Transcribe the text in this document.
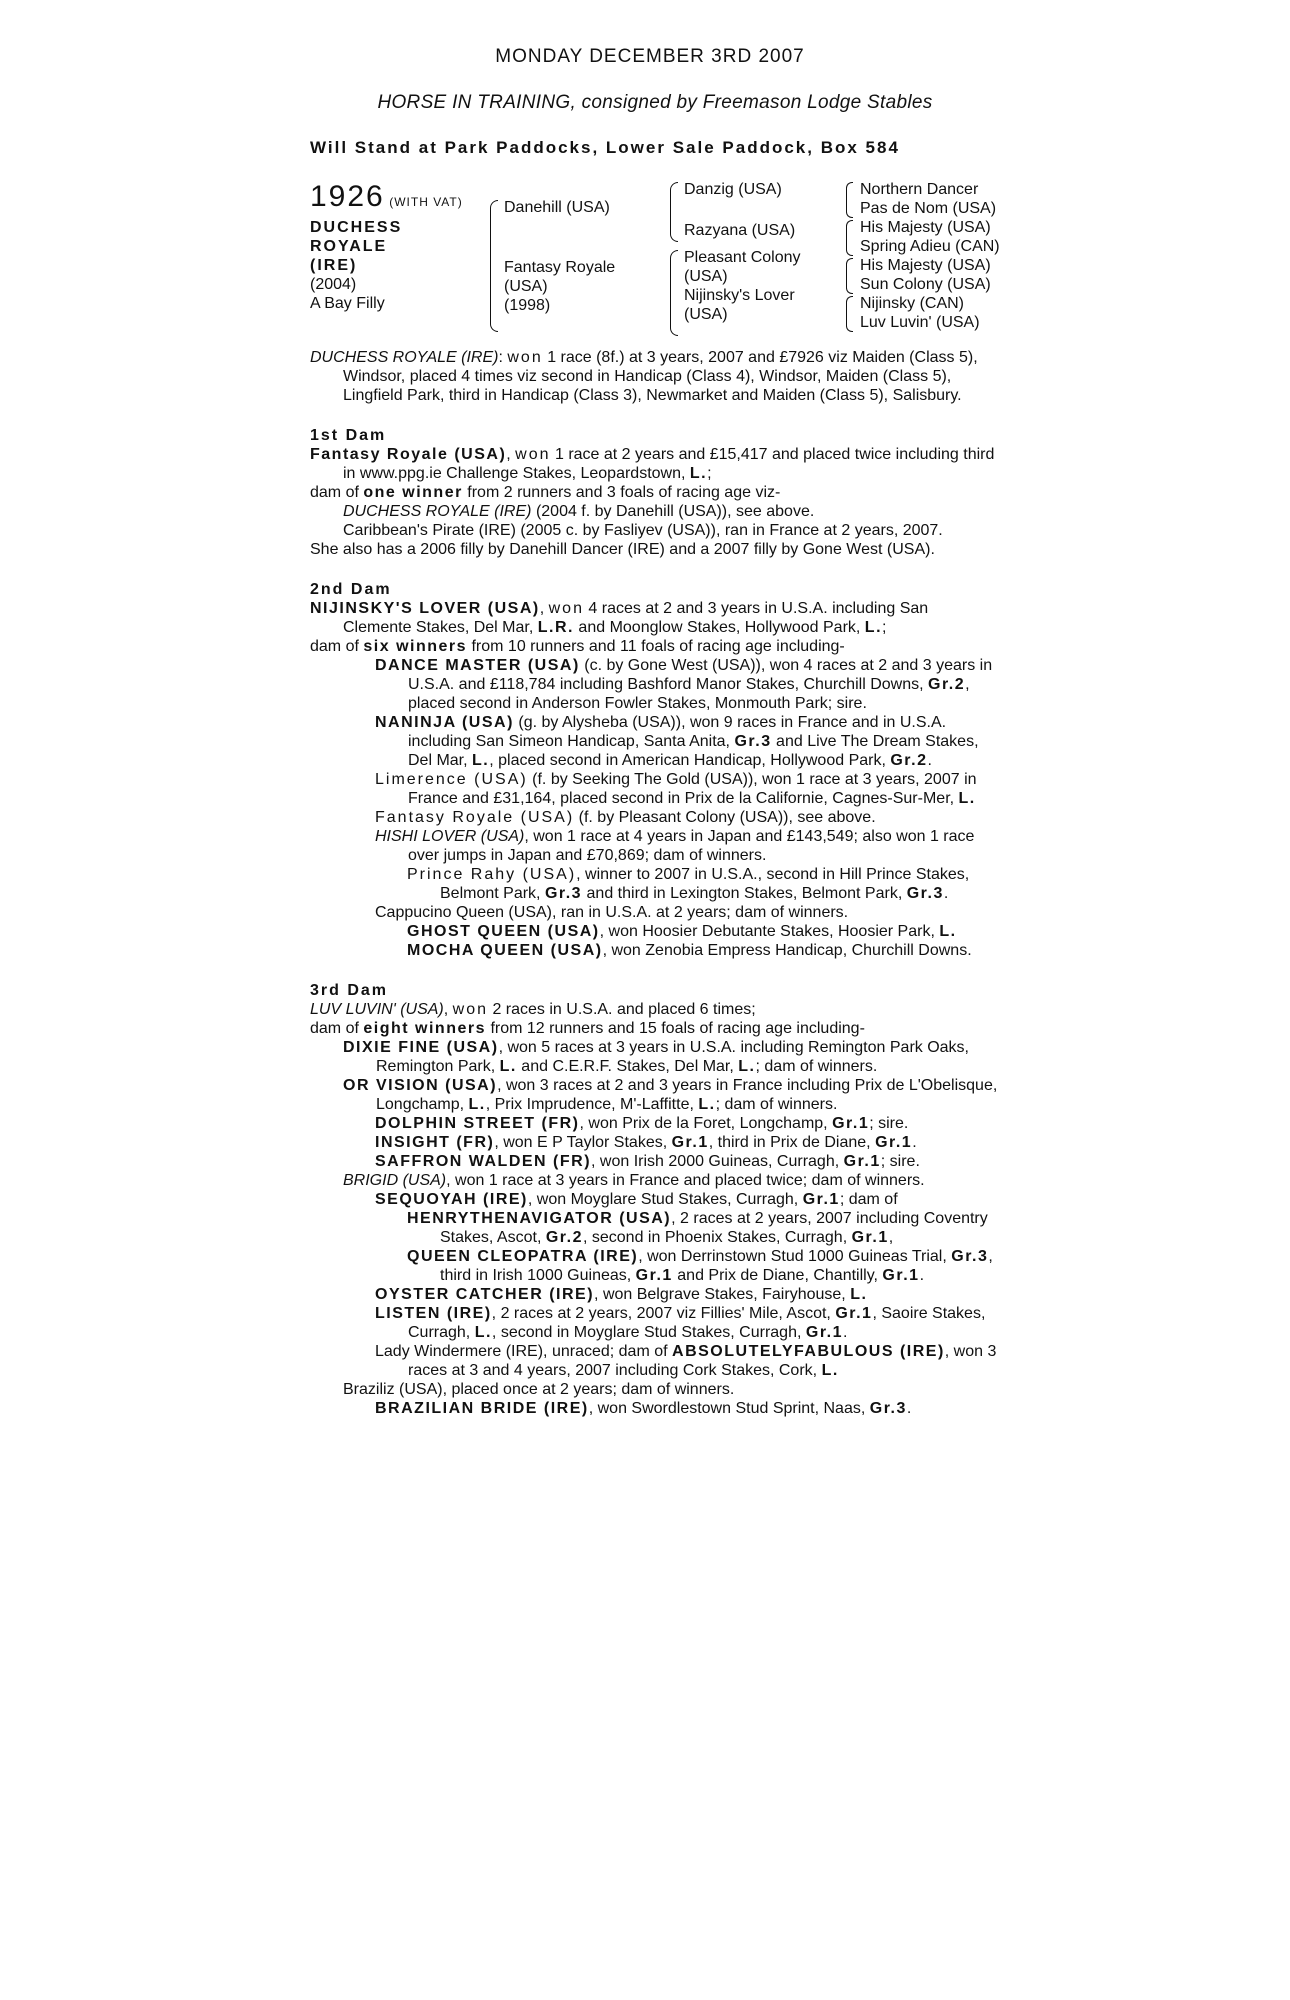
MONDAY DECEMBER 3RD 2007
HORSE IN TRAINING, consigned by Freemason Lodge Stables
Will Stand at Park Paddocks, Lower Sale Paddock, Box 584
1926 (WITH VAT)
DUCHESS ROYALE
(IRE)
(2004)
A Bay Filly
Danehill (USA)
Fantasy Royale
(USA)
(1998)
Danzig (USA)
Razyana (USA)
Pleasant Colony
(USA)
Nijinsky's Lover
(USA)
Northern Dancer
Pas de Nom (USA)
His Majesty (USA)
Spring Adieu (CAN)
His Majesty (USA)
Sun Colony (USA)
Nijinsky (CAN)
Luv Luvin' (USA)

DUCHESS ROYALE (IRE): won 1 race (8f.) at 3 years, 2007 and £7926 viz Maiden (Class 5), Windsor, placed 4 times viz second in Handicap (Class 4), Windsor, Maiden (Class 5), Lingfield Park, third in Handicap (Class 3), Newmarket and Maiden (Class 5), Salisbury.

1st Dam

Fantasy Royale (USA), won 1 race at 2 years and £15,417 and placed twice including third in www.ppg.ie Challenge Stakes, Leopardstown, L.;

dam of one winner from 2 runners and 3 foals of racing age viz-

DUCHESS ROYALE (IRE) (2004 f. by Danehill (USA)), see above.

Caribbean's Pirate (IRE) (2005 c. by Fasliyev (USA)), ran in France at 2 years, 2007.

She also has a 2006 filly by Danehill Dancer (IRE) and a 2007 filly by Gone West (USA).

2nd Dam

NIJINSKY'S LOVER (USA), won 4 races at 2 and 3 years in U.S.A. including San Clemente Stakes, Del Mar, L.R. and Moonglow Stakes, Hollywood Park, L.;

dam of six winners from 10 runners and 11 foals of racing age including-

DANCE MASTER (USA) (c. by Gone West (USA)), won 4 races at 2 and 3 years in U.S.A. and £118,784 including Bashford Manor Stakes, Churchill Downs, Gr.2, placed second in Anderson Fowler Stakes, Monmouth Park; sire.

NANINJA (USA) (g. by Alysheba (USA)), won 9 races in France and in U.S.A. including San Simeon Handicap, Santa Anita, Gr.3 and Live The Dream Stakes, Del Mar, L., placed second in American Handicap, Hollywood Park, Gr.2.

Limerence (USA) (f. by Seeking The Gold (USA)), won 1 race at 3 years, 2007 in France and £31,164, placed second in Prix de la Californie, Cagnes-Sur-Mer, L.

Fantasy Royale (USA) (f. by Pleasant Colony (USA)), see above.

HISHI LOVER (USA), won 1 race at 4 years in Japan and £143,549; also won 1 race over jumps in Japan and £70,869; dam of winners.

Prince Rahy (USA), winner to 2007 in U.S.A., second in Hill Prince Stakes, Belmont Park, Gr.3 and third in Lexington Stakes, Belmont Park, Gr.3.

Cappucino Queen (USA), ran in U.S.A. at 2 years; dam of winners.

GHOST QUEEN (USA), won Hoosier Debutante Stakes, Hoosier Park, L.

MOCHA QUEEN (USA), won Zenobia Empress Handicap, Churchill Downs.

3rd Dam

LUV LUVIN' (USA), won 2 races in U.S.A. and placed 6 times;

dam of eight winners from 12 runners and 15 foals of racing age including-

DIXIE FINE (USA), won 5 races at 3 years in U.S.A. including Remington Park Oaks, Remington Park, L. and C.E.R.F. Stakes, Del Mar, L.; dam of winners.

OR VISION (USA), won 3 races at 2 and 3 years in France including Prix de L'Obelisque, Longchamp, L., Prix Imprudence, M'-Laffitte, L.; dam of winners.

DOLPHIN STREET (FR), won Prix de la Foret, Longchamp, Gr.1; sire.

INSIGHT (FR), won E P Taylor Stakes, Gr.1, third in Prix de Diane, Gr.1.

SAFFRON WALDEN (FR), won Irish 2000 Guineas, Curragh, Gr.1; sire.

BRIGID (USA), won 1 race at 3 years in France and placed twice; dam of winners.

SEQUOYAH (IRE), won Moyglare Stud Stakes, Curragh, Gr.1; dam of

HENRYTHENAVIGATOR (USA), 2 races at 2 years, 2007 including Coventry Stakes, Ascot, Gr.2, second in Phoenix Stakes, Curragh, Gr.1,

QUEEN CLEOPATRA (IRE), won Derrinstown Stud 1000 Guineas Trial, Gr.3, third in Irish 1000 Guineas, Gr.1 and Prix de Diane, Chantilly, Gr.1.

OYSTER CATCHER (IRE), won Belgrave Stakes, Fairyhouse, L.

LISTEN (IRE), 2 races at 2 years, 2007 viz Fillies' Mile, Ascot, Gr.1, Saoire Stakes, Curragh, L., second in Moyglare Stud Stakes, Curragh, Gr.1.

Lady Windermere (IRE), unraced; dam of ABSOLUTELYFABULOUS (IRE), won 3 races at 3 and 4 years, 2007 including Cork Stakes, Cork, L.

Braziliz (USA), placed once at 2 years; dam of winners.

BRAZILIAN BRIDE (IRE), won Swordlestown Stud Sprint, Naas, Gr.3.
